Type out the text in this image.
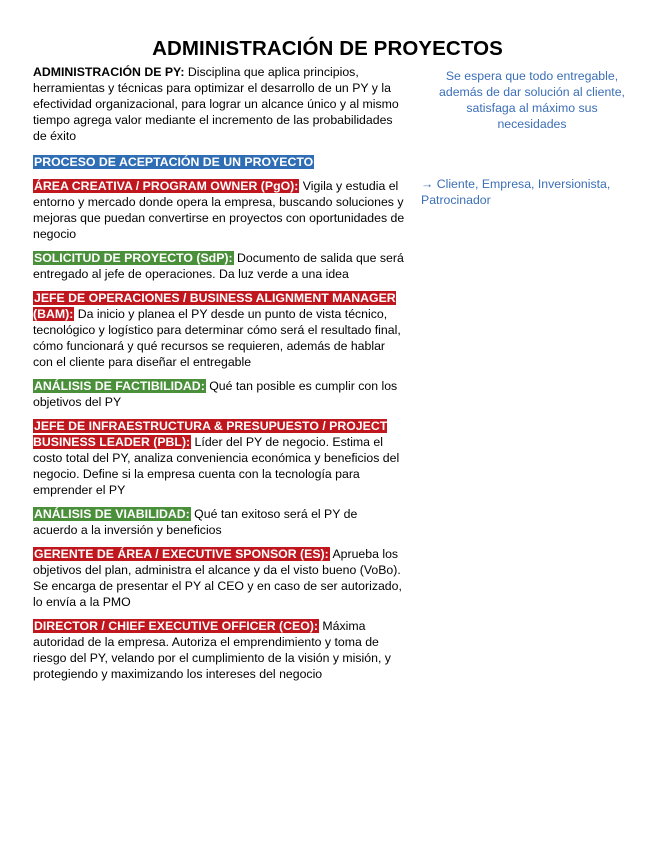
ADMINISTRACIÓN DE PROYECTOS

ADMINISTRACIÓN DE PY: Disciplina que aplica principios, herramientas y técnicas para optimizar el desarrollo de un PY y la efectividad organizacional, para lograr un alcance único y al mismo tiempo agrega valor mediante el incremento de las probabilidades de éxito

PROCESO DE ACEPTACIÓN DE UN PROYECTO

ÁREA CREATIVA / PROGRAM OWNER (PgO): Vigila y estudia el entorno y mercado donde opera la empresa, buscando soluciones y mejoras que puedan convertirse en proyectos con oportunidades de negocio

SOLICITUD DE PROYECTO (SdP): Documento de salida que será entregado al jefe de operaciones. Da luz verde a una idea

JEFE DE OPERACIONES / BUSINESS ALIGNMENT MANAGER (BAM): Da inicio y planea el PY desde un punto de vista técnico, tecnológico y logístico para determinar cómo será el resultado final, cómo funcionará y qué recursos se requieren, además de hablar con el cliente para diseñar el entregable

ANÁLISIS DE FACTIBILIDAD: Qué tan posible es cumplir con los objetivos del PY

JEFE DE INFRAESTRUCTURA & PRESUPUESTO / PROJECT BUSINESS LEADER (PBL): Líder del PY de negocio. Estima el costo total del PY, analiza conveniencia económica y beneficios del negocio. Define si la empresa cuenta con la tecnología para emprender el PY

ANÁLISIS DE VIABILIDAD: Qué tan exitoso será el PY de acuerdo a la inversión y beneficios

GERENTE DE ÁREA / EXECUTIVE SPONSOR (ES): Aprueba los objetivos del plan, administra el alcance y da el visto bueno (VoBo). Se encarga de presentar el PY al CEO y en caso de ser autorizado, lo envía a la PMO

DIRECTOR / CHIEF EXECUTIVE OFFICER (CEO): Máxima autoridad de la empresa. Autoriza el emprendimiento y toma de riesgo del PY, velando por el cumplimiento de la visión y misión, y protegiendo y maximizando los intereses del negocio

Se espera que todo entregable, además de dar solución al cliente, satisfaga al máximo sus necesidades
→ Cliente, Empresa, Inversionista, Patrocinador
